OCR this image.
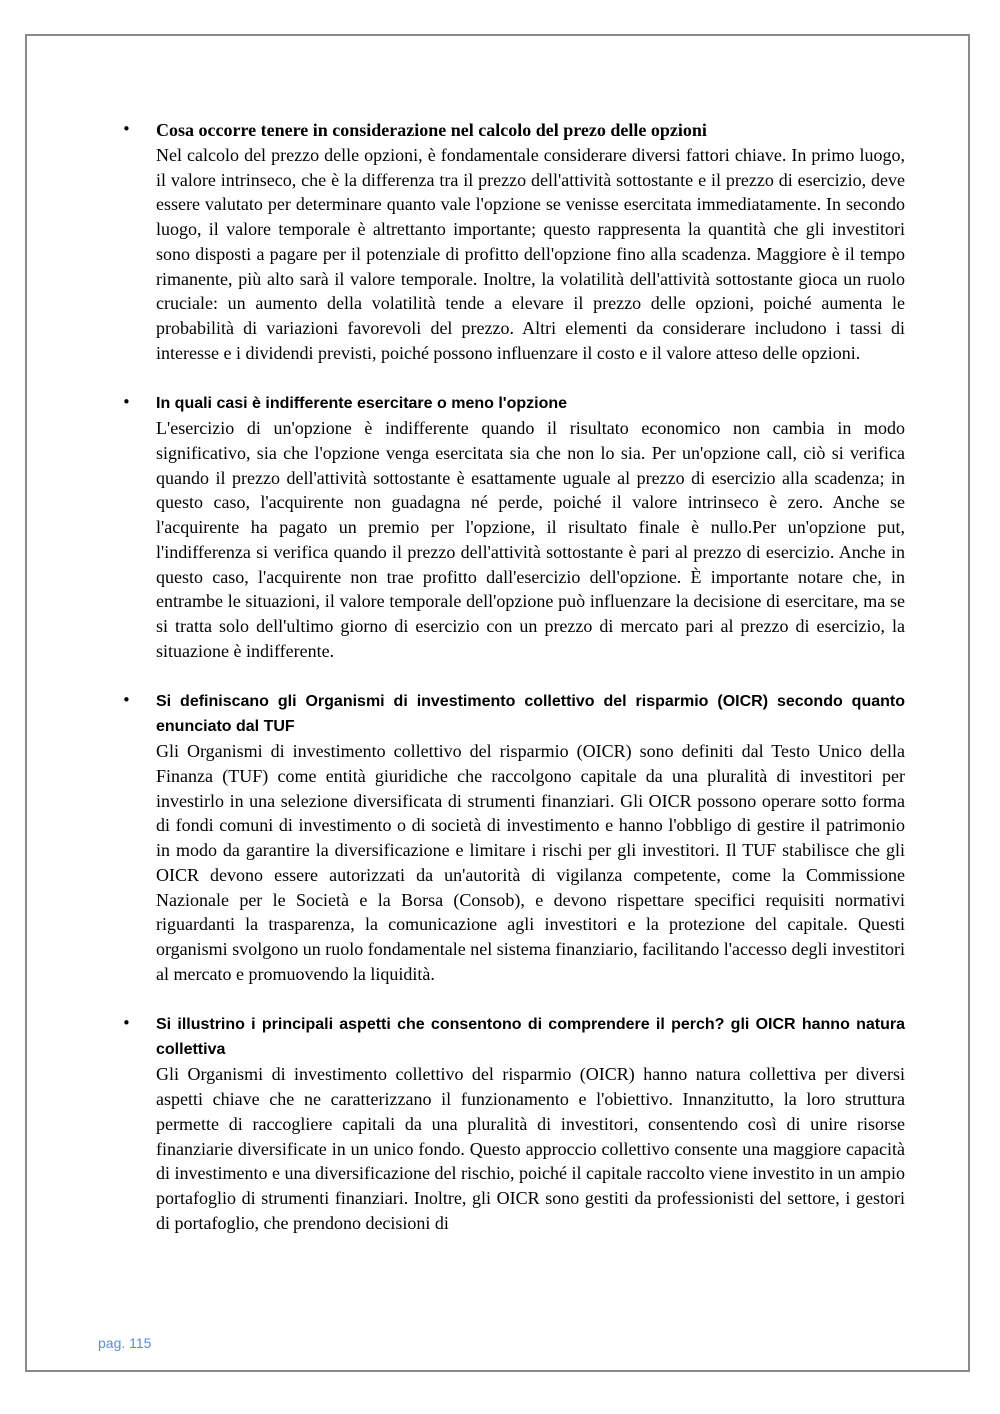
• Cosa occorre tenere in considerazione nel calcolo del prezo delle opzioni

Nel calcolo del prezzo delle opzioni, è fondamentale considerare diversi fattori chiave. In primo luogo, il valore intrinseco, che è la differenza tra il prezzo dell'attività sottostante e il prezzo di esercizio, deve essere valutato per determinare quanto vale l'opzione se venisse esercitata immediatamente. In secondo luogo, il valore temporale è altrettanto importante; questo rappresenta la quantità che gli investitori sono disposti a pagare per il potenziale di profitto dell'opzione fino alla scadenza. Maggiore è il tempo rimanente, più alto sarà il valore temporale. Inoltre, la volatilità dell'attività sottostante gioca un ruolo cruciale: un aumento della volatilità tende a elevare il prezzo delle opzioni, poiché aumenta le probabilità di variazioni favorevoli del prezzo. Altri elementi da considerare includono i tassi di interesse e i dividendi previsti, poiché possono influenzare il costo e il valore atteso delle opzioni.

• In quali casi è indifferente esercitare o meno l'opzione

L'esercizio di un'opzione è indifferente quando il risultato economico non cambia in modo significativo, sia che l'opzione venga esercitata sia che non lo sia. Per un'opzione call, ciò si verifica quando il prezzo dell'attività sottostante è esattamente uguale al prezzo di esercizio alla scadenza; in questo caso, l'acquirente non guadagna né perde, poiché il valore intrinseco è zero. Anche se l'acquirente ha pagato un premio per l'opzione, il risultato finale è nullo.Per un'opzione put, l'indifferenza si verifica quando il prezzo dell'attività sottostante è pari al prezzo di esercizio. Anche in questo caso, l'acquirente non trae profitto dall'esercizio dell'opzione. È importante notare che, in entrambe le situazioni, il valore temporale dell'opzione può influenzare la decisione di esercitare, ma se si tratta solo dell'ultimo giorno di esercizio con un prezzo di mercato pari al prezzo di esercizio, la situazione è indifferente.

• Si definiscano gli Organismi di investimento collettivo del risparmio (OICR) secondo quanto enunciato dal TUF

Gli Organismi di investimento collettivo del risparmio (OICR) sono definiti dal Testo Unico della Finanza (TUF) come entità giuridiche che raccolgono capitale da una pluralità di investitori per investirlo in una selezione diversificata di strumenti finanziari. Gli OICR possono operare sotto forma di fondi comuni di investimento o di società di investimento e hanno l'obbligo di gestire il patrimonio in modo da garantire la diversificazione e limitare i rischi per gli investitori. Il TUF stabilisce che gli OICR devono essere autorizzati da un'autorità di vigilanza competente, come la Commissione Nazionale per le Società e la Borsa (Consob), e devono rispettare specifici requisiti normativi riguardanti la trasparenza, la comunicazione agli investitori e la protezione del capitale. Questi organismi svolgono un ruolo fondamentale nel sistema finanziario, facilitando l'accesso degli investitori al mercato e promuovendo la liquidità.

• Si illustrino i principali aspetti che consentono di comprendere il perch? gli OICR hanno natura collettiva

Gli Organismi di investimento collettivo del risparmio (OICR) hanno natura collettiva per diversi aspetti chiave che ne caratterizzano il funzionamento e l'obiettivo. Innanzitutto, la loro struttura permette di raccogliere capitali da una pluralità di investitori, consentendo così di unire risorse finanziarie diversificate in un unico fondo. Questo approccio collettivo consente una maggiore capacità di investimento e una diversificazione del rischio, poiché il capitale raccolto viene investito in un ampio portafoglio di strumenti finanziari. Inoltre, gli OICR sono gestiti da professionisti del settore, i gestori di portafoglio, che prendono decisioni di

pag. 115
